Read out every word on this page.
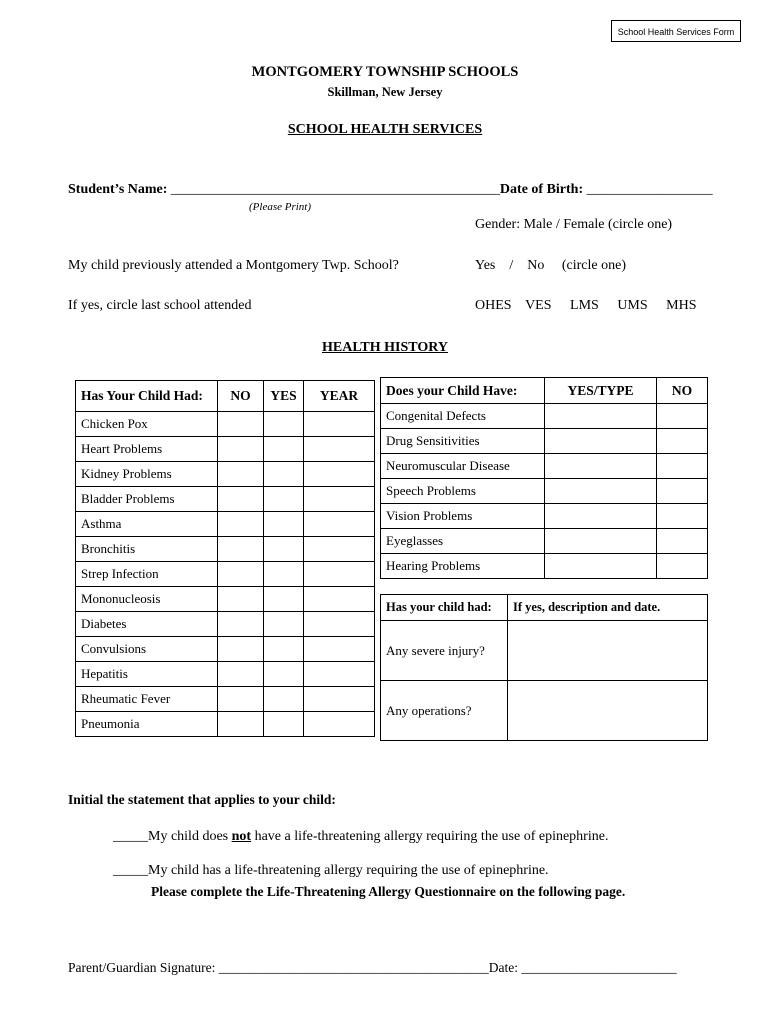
School Health Services Form
MONTGOMERY TOWNSHIP SCHOOLS
Skillman, New Jersey
SCHOOL HEALTH SERVICES
Student’s Name: _______________________________________________Date of Birth: __________________
(Please Print)
Gender: Male / Female (circle one)
My child previously attended a Montgomery Twp. School?	Yes    /    No     (circle one)
If yes, circle last school attended	OHES VES LMS UMS MHS
HEALTH HISTORY
Has Your Child Had:	NO	YES	YEAR
Chicken Pox			
Heart Problems			
Kidney Problems			
Bladder Problems			
Asthma			
Bronchitis			
Strep Infection			
Mononucleosis			
Diabetes			
Convulsions			
Hepatitis			
Rheumatic Fever			
Pneumonia			
Does your Child Have:	YES/TYPE	NO
Congenital Defects		
Drug Sensitivities		
Neuromuscular Disease		
Speech Problems		
Vision Problems		
Eyeglasses		
Hearing Problems		
Has your child had:	If yes, description and date.
Any severe injury?	
Any operations?	
Initial the statement that applies to your child:
_____My child does not have a life-threatening allergy requiring the use of epinephrine.
_____My child has a life-threatening allergy requiring the use of epinephrine.
Please complete the Life-Threatening Allergy Questionnaire on the following page.
Parent/Guardian Signature: ________________________________________Date: _______________________
